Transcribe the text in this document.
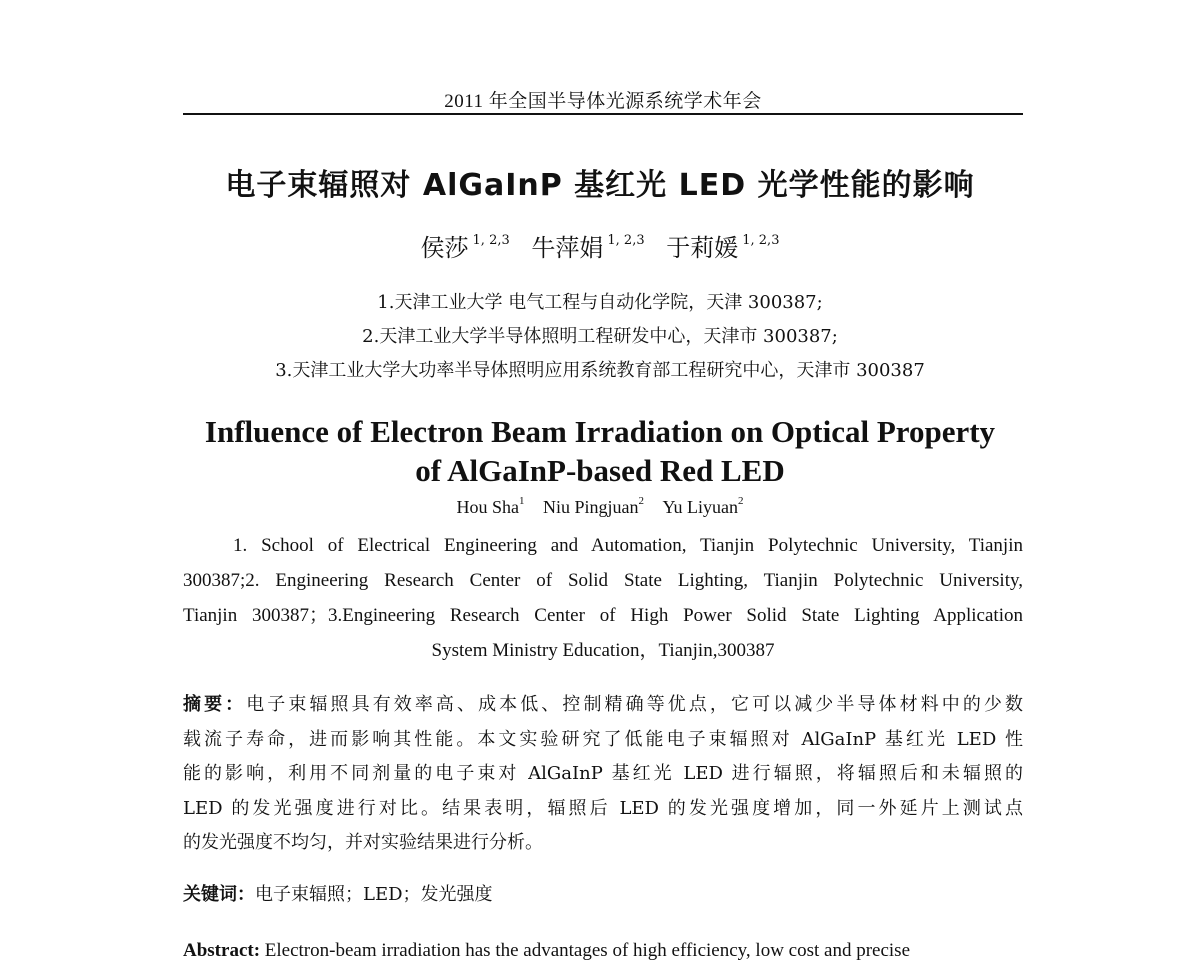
2011 年全国半导体光源系统学术年会
电子束辐照对 AlGaInP 基红光 LED 光学性能的影响
侯莎 $^{1, 2,3}$ 牛萍娟 $^{1, 2,3}$ 于莉媛 $^{1, 2,3}$
1.天津工业大学 电气工程与自动化学院，天津 300387;
2.天津工业大学半导体照明工程研发中心，天津市 300387;
3.天津工业大学大功率半导体照明应用系统教育部工程研究中心，天津市 300387
Influence of Electron Beam Irradiation on Optical Property
of AlGaInP-based Red LED
Hou Sha$^1$ Niu Pingjuan$^2$ Yu Liyuan$^2$
1. School of Electrical Engineering and Automation, Tianjin Polytechnic University, Tianjin
300387;2. Engineering Research Center of Solid State Lighting, Tianjin Polytechnic University,
Tianjin 300387；3.Engineering Research Center of High Power Solid State Lighting Application
System Ministry Education，Tianjin,300387
摘要：电子束辐照具有效率高、成本低、控制精确等优点，它可以减少半导体材料中的少数
载流子寿命，进而影响其性能。本文实验研究了低能电子束辐照对 AlGaInP 基红光 LED 性
能的影响，利用不同剂量的电子束对 AlGaInP 基红光 LED 进行辐照，将辐照后和未辐照的
LED 的发光强度进行对比。结果表明，辐照后 LED 的发光强度增加，同一外延片上测试点
的发光强度不均匀，并对实验结果进行分析。
关键词：电子束辐照；LED；发光强度
Abstract: Electron-beam irradiation has the advantages of high efficiency, low cost and precise
